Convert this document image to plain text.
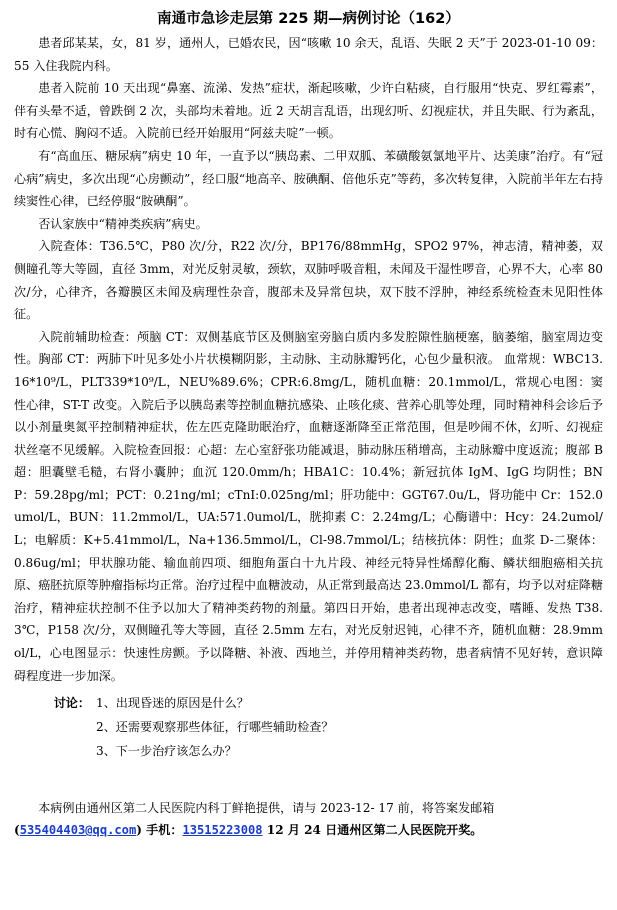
南通市急诊走层第 225 期—病例讨论（162）

患者邱某某，女，81 岁，通州人，已婚农民，因“咳嗽 10 余天，乱语、失眠 2 天”于 2023-01-10 09：55 入住我院内科。

患者入院前 10 天出现“鼻塞、流涕、发热”症状，渐起咳嗽，少许白粘痰，自行服用“快克、罗红霉素”，伴有头晕不适，曾跌倒 2 次，头部均未着地。近 2 天胡言乱语，出现幻听、幻视症状，并且失眠、行为紊乱，时有心慌、胸闷不适。入院前已经开始服用“阿兹夫啶”一顿。

有“高血压、糖尿病”病史 10 年，一直予以“胰岛素、二甲双胍、苯磺酸氨氯地平片、达美康”治疗。有“冠心病”病史，多次出现“心房颤动”，经口服“地高辛、胺碘酮、倍他乐克”等药，多次转复律，入院前半年左右持续窦性心律，已经停服“胺碘酮”。

否认家族中“精神类疾病”病史。

入院查体：T36.5℃，P80 次/分，R22 次/分，BP176/88mmHg，SPO2 97%，神志清，精神萎，双侧瞳孔等大等圆，直径 3mm，对光反射灵敏，颈软，双肺呼吸音粗，未闻及干湿性啰音，心界不大，心率 80 次/分，心律齐，各瓣膜区未闻及病理性杂音，腹部未及异常包块，双下肢不浮肿，神经系统检查未见阳性体征。

入院前辅助检查：颅脑 CT：双侧基底节区及侧脑室旁脑白质内多发腔隙性脑梗塞，脑萎缩，脑室周边变性。胸部 CT：两肺下叶见多处小片状模糊阴影，主动脉、主动脉瓣钙化，心包少量积液。 血常规：WBC13.16*10⁹/L，PLT339*10⁹/L，NEU%89.6%；CPR:6.8mg/L，随机血糖：20.1mmol/L，常规心电图：窦性心律，ST-T 改变。入院后予以胰岛素等控制血糖抗感染、止咳化痰、营养心肌等处理，同时精神科会诊后予以小剂量奥氮平控制精神症状，佐左匹克隆助眠治疗，血糖逐渐降至正常范围，但是吵闹不休，幻听、幻视症状丝毫不见缓解。入院检查回报：心超：左心室舒张功能减退，肺动脉压稍增高，主动脉瓣中度返流；腹部 B 超：胆囊壁毛糙，右肾小囊肿；血沉 120.0mm/h；HBA1C：10.4%；新冠抗体 IgM、IgG 均阴性；BNP：59.28pg/ml；PCT：0.21ng/ml；cTnI:0.025ng/ml；肝功能中：GGT67.0u/L，肾功能中 Cr：152.0umol/L，BUN：11.2mmol/L，UA:571.0umol/L，胱抑素 C：2.24mg/L；心酶谱中：Hcy：24.2umol/L；电解质：K+5.41mmol/L，Na+136.5mmol/L，Cl-98.7mmol/L；结核抗体：阴性；血浆 D-二聚体：0.86ug/ml；甲状腺功能、输血前四项、细胞角蛋白十九片段、神经元特异性烯醇化酶、鳞状细胞癌相关抗原、癌胚抗原等肿瘤指标均正常。治疗过程中血糖波动，从正常到最高达 23.0mmol/L 都有，均予以对症降糖治疗，精神症状控制不住予以加大了精神类药物的剂量。第四日开始，患者出现神志改变，嗜睡、发热 T38.3℃，P158 次/分，双侧瞳孔等大等圆，直径 2.5mm 左右，对光反射迟钝，心律不齐，随机血糖：28.9mmol/L，心电图显示：快速性房颤。予以降糖、补液、西地兰，并停用精神类药物，患者病情不见好转，意识障碍程度进一步加深。

讨论： 1、出现昏迷的原因是什么？
2、还需要观察那些体征，行哪些辅助检查？
3、下一步治疗该怎么办？

本病例由通州区第二人民医院内科丁鲜艳提供，请与 2023-12- 17 前，将答案发邮箱

(535404403@qq.com) 手机：13515223008 12 月 24 日通州区第二人民医院开奖。
